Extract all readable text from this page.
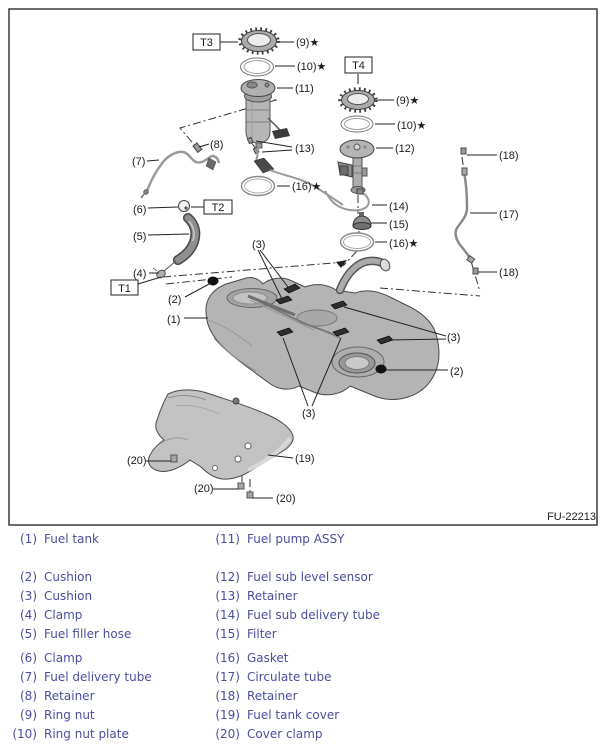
FU-22213
T3
T4
T2
T1
(9)★
(10)★
(11)
(9)★
(10)★
(12)
(13)
(8)
(7)
(16)★
(6)	(14)
(15)
(16)★
(5)
(17)
(18)
(18)
(4)
(2)
(1)
(3)
(3)
(2)
(3)
(19)
(20)
(20)
(20)
(1) Fuel tank
(2) Cushion
(3) Cushion
(4) Clamp
(5) Fuel filler hose
(6) Clamp
(7) Fuel delivery tube
(8) Retainer
(9) Ring nut
(10) Ring nut plate
(11) Fuel pump ASSY
(12) Fuel sub level sensor
(13) Retainer
(14) Fuel sub delivery tube
(15) Filter
(16) Gasket
(17) Circulate tube
(18) Retainer
(19) Fuel tank cover
(20) Cover clamp
